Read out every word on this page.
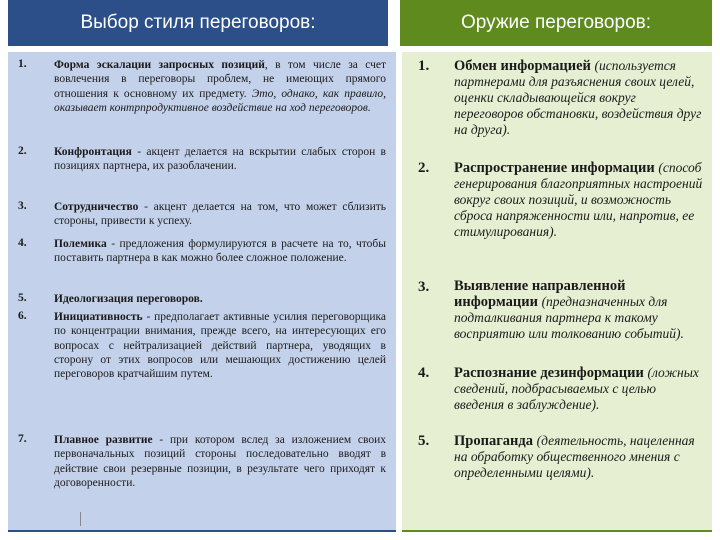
Выбор стиля переговоров:	Оружие переговоров:
1. Форма эскалации запросных позиций, в том числе за счет вовлечения в переговоры проблем, не имеющих прямого отношения к основному их предмету. Это, однако, как правило, оказывает контрпродуктивное воздействие на ход переговоров.
2. Конфронтация - акцент делается на вскрытии слабых сторон в позициях партнера, их разоблачении.
3. Сотрудничество - акцент делается на том, что может сблизить стороны, привести к успеху.
4. Полемика - предложения формулируются в расчете на то, чтобы поставить партнера в как можно более сложное положение.
5. Идеологизация переговоров.
6. Инициативность - предполагает активные усилия переговорщика по концентрации внимания, прежде всего, на интересующих его вопросах с нейтрализацией действий партнера, уводящих в сторону от этих вопросов или мешающих достижению целей переговоров кратчайшим путем.
7. Плавное развитие - при котором вслед за изложением своих первоначальных позиций стороны последовательно вводят в действие свои резервные позиции, в результате чего приходят к договоренности.
1. Обмен информацией (используется партнерами для разъяснения своих целей, оценки складывающейся вокруг переговоров обстановки, воздействия друг на друга).
2. Распространение информации (способ генерирования благоприятных настроений вокруг своих позиций, и возможность сброса напряженности или, напротив, ее стимулирования).
3. Выявление направленной информации (предназначенных для подталкивания партнера к такому восприятию или толкованию событий).
4. Распознание дезинформации (ложных сведений, подбрасываемых с целью введения в заблуждение).
5. Пропаганда (деятельность, нацеленная на обработку общественного мнения с определенными целями).
